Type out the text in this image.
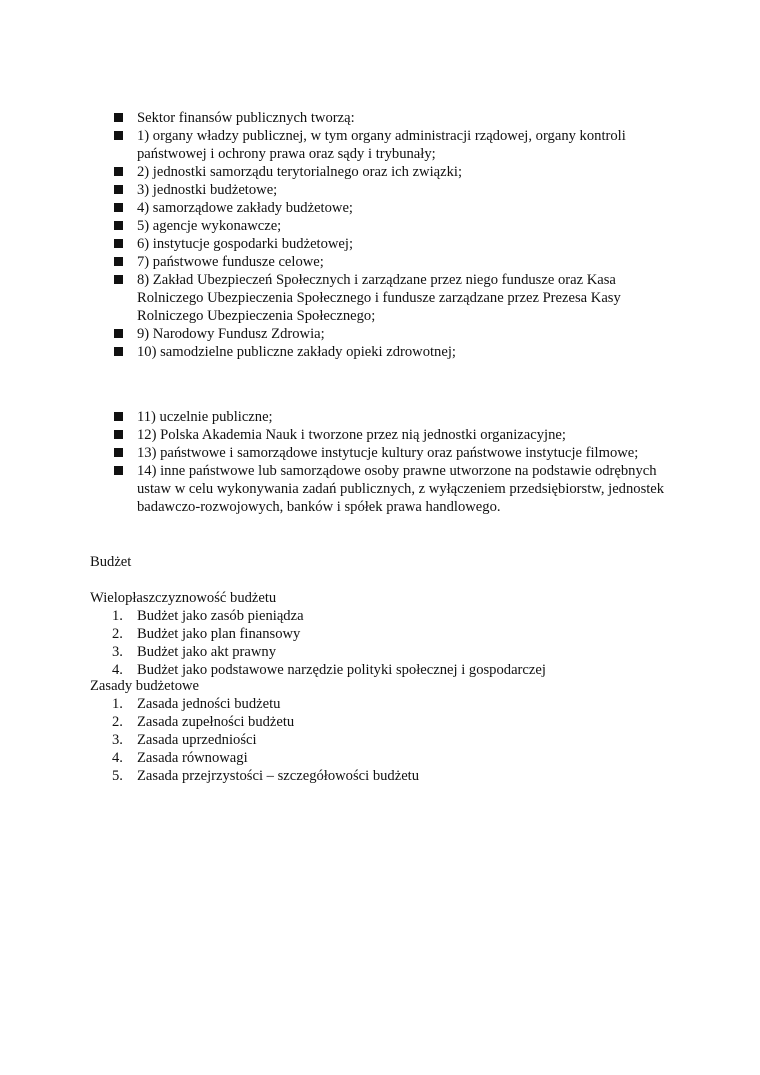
Sektor finansów publicznych tworzą:
1) organy władzy publicznej, w tym organy administracji rządowej, organy kontroli państwowej i ochrony prawa oraz sądy i trybunały;
2) jednostki samorządu terytorialnego oraz ich związki;
3) jednostki budżetowe;
4) samorządowe zakłady budżetowe;
5) agencje wykonawcze;
6) instytucje gospodarki budżetowej;
7) państwowe fundusze celowe;
8) Zakład Ubezpieczeń Społecznych i zarządzane przez niego fundusze oraz Kasa Rolniczego Ubezpieczenia Społecznego i fundusze zarządzane przez Prezesa Kasy Rolniczego Ubezpieczenia Społecznego;
9) Narodowy Fundusz Zdrowia;
10) samodzielne publiczne zakłady opieki zdrowotnej;
11) uczelnie publiczne;
12) Polska Akademia Nauk i tworzone przez nią jednostki organizacyjne;
13) państwowe i samorządowe instytucje kultury oraz państwowe instytucje filmowe;
14) inne państwowe lub samorządowe osoby prawne utworzone na podstawie odrębnych ustaw w celu wykonywania zadań publicznych, z wyłączeniem przedsiębiorstw, jednostek badawczo-rozwojowych, banków i spółek prawa handlowego.
Budżet
Wielopłaszczyznowość budżetu
1. Budżet jako zasób pieniądza
2. Budżet jako plan finansowy
3. Budżet jako akt prawny
4. Budżet jako podstawowe narzędzie polityki społecznej i gospodarczej
Zasady budżetowe
1. Zasada jedności budżetu
2. Zasada zupełności budżetu
3. Zasada uprzedniości
4. Zasada równowagi
5. Zasada przejrzystości – szczegółowości budżetu
